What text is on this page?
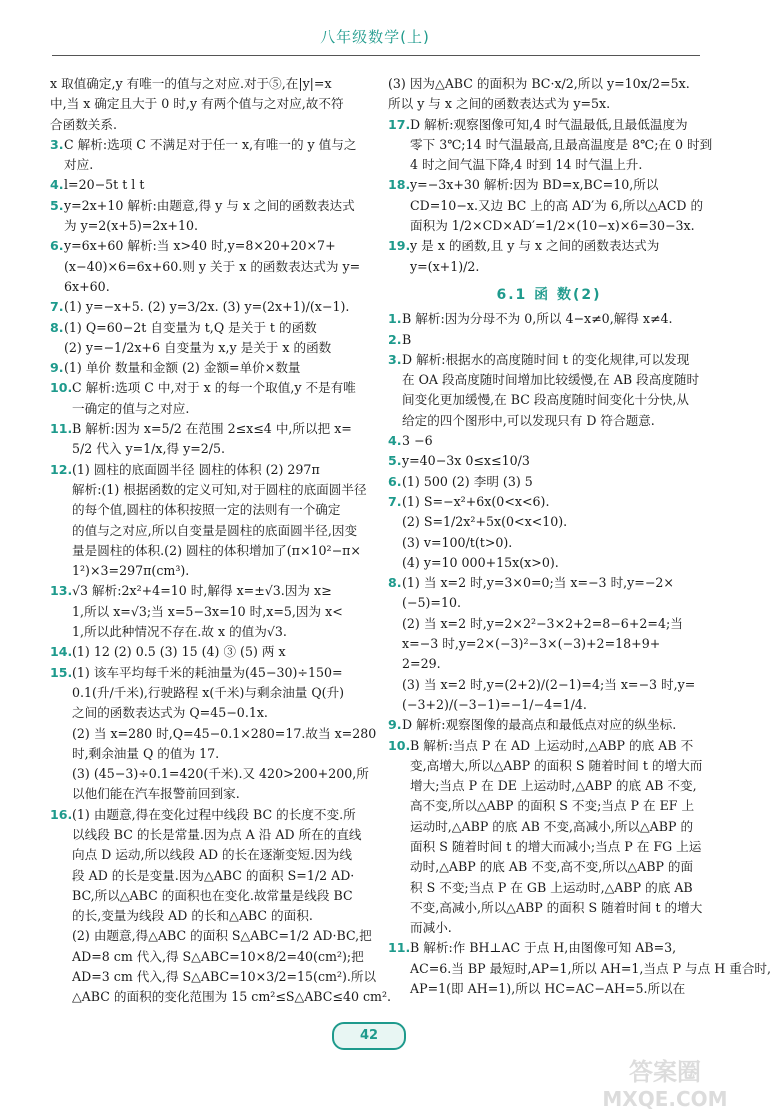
八年级数学(上)
x 取值确定,y 有唯一的值与之对应.对于⑤,在|y|=x
中,当 x 确定且大于 0 时,y 有两个值与之对应,故不符
合函数关系.
3. C 解析:选项 C 不满足对于任一 x,有唯一的 y 值与之
对应.
4. l=20−5t t l t
5. y=2x+10 解析:由题意,得 y 与 x 之间的函数表达式
为 y=2(x+5)=2x+10.
6. y=6x+60 解析:当 x>40 时,y=8×20+20×7+
(x−40)×6=6x+60.则 y 关于 x 的函数表达式为 y=
6x+60.
7. (1) y=−x+5. (2) y=3/2x. (3) y=(2x+1)/(x−1).
8. (1) Q=60−2t 自变量为 t,Q 是关于 t 的函数
(2) y=−1/2x+6 自变量为 x,y 是关于 x 的函数
9. (1) 单价 数量和金额 (2) 金额=单价×数量
10. C 解析:选项 C 中,对于 x 的每一个取值,y 不是有唯
一确定的值与之对应.
11. B 解析:因为 x=5/2 在范围 2≤x≤4 中,所以把 x=
5/2 代入 y=1/x,得 y=2/5.
12. (1) 圆柱的底面圆半径 圆柱的体积 (2) 297π
解析:(1) 根据函数的定义可知,对于圆柱的底面圆半径
的每个值,圆柱的体积按照一定的法则有一个确定
的值与之对应,所以自变量是圆柱的底面圆半径,因变
量是圆柱的体积.(2) 圆柱的体积增加了(π×10²−π×
1²)×3=297π(cm³).
13. √3 解析:2x²+4=10 时,解得 x=±√3.因为 x≥
1,所以 x=√3;当 x=5−3x=10 时,x=5,因为 x<
1,所以此种情况不存在.故 x 的值为√3.
14. (1) 12 (2) 0.5 (3) 15 (4) ③ (5) 两 x
15. (1) 该车平均每千米的耗油量为(45−30)÷150=
0.1(升/千米),行驶路程 x(千米)与剩余油量 Q(升)
之间的函数表达式为 Q=45−0.1x.
(2) 当 x=280 时,Q=45−0.1×280=17.故当 x=280
时,剩余油量 Q 的值为 17.
(3) (45−3)÷0.1=420(千米).又 420>200+200,所
以他们能在汽车报警前回到家.
16. (1) 由题意,得在变化过程中线段 BC 的长度不变.所
以线段 BC 的长是常量.因为点 A 沿 AD 所在的直线
向点 D 运动,所以线段 AD 的长在逐渐变短.因为线
段 AD 的长是变量.因为△ABC 的面积 S=1/2 AD·
BC,所以△ABC 的面积也在变化.故常量是线段 BC
的长,变量为线段 AD 的长和△ABC 的面积.
(2) 由题意,得△ABC 的面积 S△ABC=1/2 AD·BC,把
AD=8 cm 代入,得 S△ABC=10×8/2=40(cm²);把
AD=3 cm 代入,得 S△ABC=10×3/2=15(cm²).所以
△ABC 的面积的变化范围为 15 cm²≤S△ABC≤40 cm².
(3) 因为△ABC 的面积为 BC·x/2,所以 y=10x/2=5x.
所以 y 与 x 之间的函数表达式为 y=5x.
17. D 解析:观察图像可知,4 时气温最低,且最低温度为
零下 3℃;14 时气温最高,且最高温度是 8℃;在 0 时到
4 时之间气温下降,4 时到 14 时气温上升.
18. y=−3x+30 解析:因为 BD=x,BC=10,所以
CD=10−x.又边 BC 上的高 AD′为 6,所以△ACD 的
面积为 1/2×CD×AD′=1/2×(10−x)×6=30−3x.
19. y 是 x 的函数,且 y 与 x 之间的函数表达式为
y=(x+1)/2.
6.1 函 数(2)
1. B 解析:因为分母不为 0,所以 4−x≠0,解得 x≠4.
2. B
3. D 解析:根据水的高度随时间 t 的变化规律,可以发现
在 OA 段高度随时间增加比较缓慢,在 AB 段高度随时
间变化更加缓慢,在 BC 段高度随时间变化十分快,从
给定的四个图形中,可以发现只有 D 符合题意.
4. 3 −6
5. y=40−3x 0≤x≤10/3
6. (1) 500 (2) 李明 (3) 5
7. (1) S=−x²+6x(0<x<6).
(2) S=1/2x²+5x(0<x<10).
(3) v=100/t(t>0).
(4) y=10 000+15x(x>0).
8. (1) 当 x=2 时,y=3×0=0;当 x=−3 时,y=−2×
(−5)=10.
(2) 当 x=2 时,y=2×2²−3×2+2=8−6+2=4;当
x=−3 时,y=2×(−3)²−3×(−3)+2=18+9+
2=29.
(3) 当 x=2 时,y=(2+2)/(2−1)=4;当 x=−3 时,y=
(−3+2)/(−3−1)=−1/−4=1/4.
9. D 解析:观察图像的最高点和最低点对应的纵坐标.
10. B 解析:当点 P 在 AD 上运动时,△ABP 的底 AB 不
变,高增大,所以△ABP 的面积 S 随着时间 t 的增大而
增大;当点 P 在 DE 上运动时,△ABP 的底 AB 不变,
高不变,所以△ABP 的面积 S 不变;当点 P 在 EF 上
运动时,△ABP 的底 AB 不变,高减小,所以△ABP 的
面积 S 随着时间 t 的增大而减小;当点 P 在 FG 上运
动时,△ABP 的底 AB 不变,高不变,所以△ABP 的面
积 S 不变;当点 P 在 GB 上运动时,△ABP 的底 AB
不变,高减小,所以△ABP 的面积 S 随着时间 t 的增大
而减小.
11. B 解析:作 BH⊥AC 于点 H,由图像可知 AB=3,
AC=6.当 BP 最短时,AP=1,所以 AH=1,当点 P 与点 H 重合时,
AP=1(即 AH=1),所以 HC=AC−AH=5.所以在
42
答案圈
MXQE.COM
